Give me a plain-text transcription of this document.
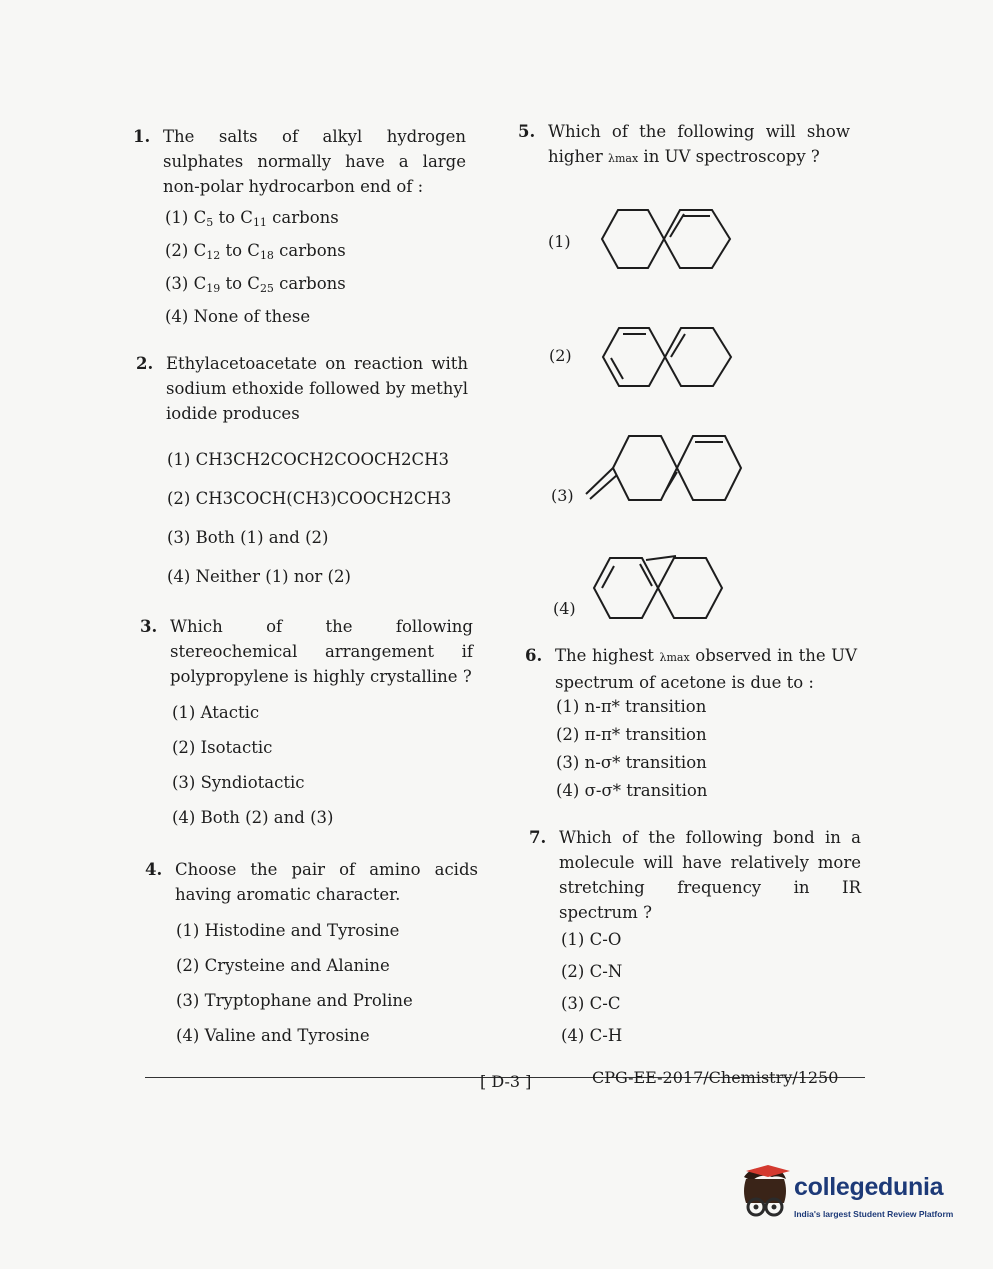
1. The salts of alkyl hydrogen sulphates normally have a large non-polar hydrocarbon end of :
(1) $C_5$ to $C_{11}$ carbons
(2) $C_{12}$ to $C_{18}$ carbons
(3) $C_{19}$ to $C_{25}$ carbons
(4) None of these
2. Ethylacetoacetate on reaction with sodium ethoxide followed by methyl iodide produces
(1) CH3CH2COCH2COOCH2CH3
(2) CH3COCH(CH3)COOCH2CH3
(3) Both (1) and (2)
(4) Neither (1) nor (2)
3. Which of the following stereochemical arrangement if polypropylene is highly crystalline ?
(1) Atactic
(2) Isotactic
(3) Syndiotactic
(4) Both (2) and (3)
4. Choose the pair of amino acids having aromatic character.
(1) Histodine and Tyrosine
(2) Crysteine and Alanine
(3) Tryptophane and Proline
(4) Valine and Tyrosine
5. Which of the following will show higher λmax in UV spectroscopy ?
(1)
(2)
(3)
(4)
6. The highest λmax observed in the UV spectrum of acetone is due to :
(1) n-π* transition
(2) π-π* transition
(3) n-σ* transition
(4) σ-σ* transition
7. Which of the following bond in a molecule will have relatively more stretching frequency in IR spectrum ?
(1) C-O
(2) C-N
(3) C-C
(4) C-H
[ D-3 ]	CPG-EE-2017/Chemistry/1250
collegedunia
India's largest Student Review Platform
